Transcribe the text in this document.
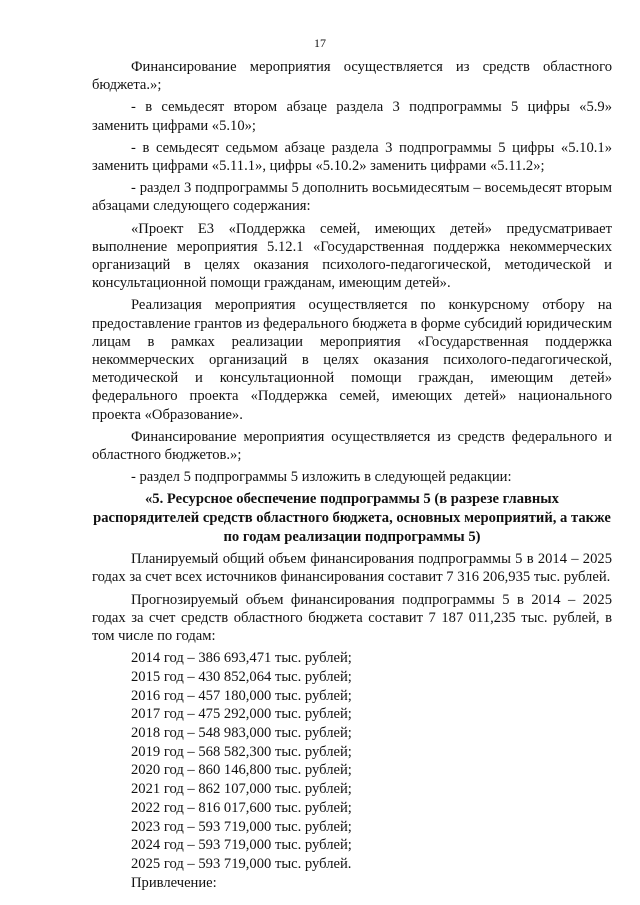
17

Финансирование мероприятия осуществляется из средств областного бюджета.»;

- в семьдесят втором абзаце раздела 3 подпрограммы 5 цифры «5.9» заменить цифрами «5.10»;

- в семьдесят седьмом абзаце раздела 3 подпрограммы 5 цифры «5.10.1» заменить цифрами «5.11.1», цифры «5.10.2» заменить цифрами «5.11.2»;

- раздел 3 подпрограммы 5 дополнить восьмидесятым – восемьдесят вторым абзацами следующего содержания:

«Проект Е3 «Поддержка семей, имеющих детей» предусматривает выполнение мероприятия 5.12.1 «Государственная поддержка некоммерческих организаций в целях оказания психолого-педагогической, методической и консультационной помощи гражданам, имеющим детей».

Реализация мероприятия осуществляется по конкурсному отбору на предоставление грантов из федерального бюджета в форме субсидий юридическим лицам в рамках реализации мероприятия «Государственная поддержка некоммерческих организаций в целях оказания психолого-педагогической, методической и консультационной помощи граждан, имеющим детей» федерального проекта «Поддержка семей, имеющих детей» национального проекта «Образование».

Финансирование мероприятия осуществляется из средств федерального и областного бюджетов.»;

- раздел 5 подпрограммы 5 изложить в следующей редакции:

«5. Ресурсное обеспечение подпрограммы 5 (в разрезе главных распорядителей средств областного бюджета, основных мероприятий, а также по годам реализации подпрограммы 5)

Планируемый общий объем финансирования подпрограммы 5 в 2014 – 2025 годах за счет всех источников финансирования составит 7 316 206,935 тыс. рублей.

Прогнозируемый объем финансирования подпрограммы 5 в 2014 – 2025 годах за счет средств областного бюджета составит 7 187 011,235 тыс. рублей, в том числе по годам:

2014 год – 386 693,471 тыс. рублей;
2015 год – 430 852,064 тыс. рублей;
2016 год – 457 180,000 тыс. рублей;
2017 год – 475 292,000 тыс. рублей;
2018 год – 548 983,000 тыс. рублей;
2019 год – 568 582,300 тыс. рублей;
2020 год – 860 146,800 тыс. рублей;
2021 год – 862 107,000 тыс. рублей;
2022 год – 816 017,600 тыс. рублей;
2023 год – 593 719,000 тыс. рублей;
2024 год – 593 719,000 тыс. рублей;
2025 год – 593 719,000 тыс. рублей.
Привлечение:
